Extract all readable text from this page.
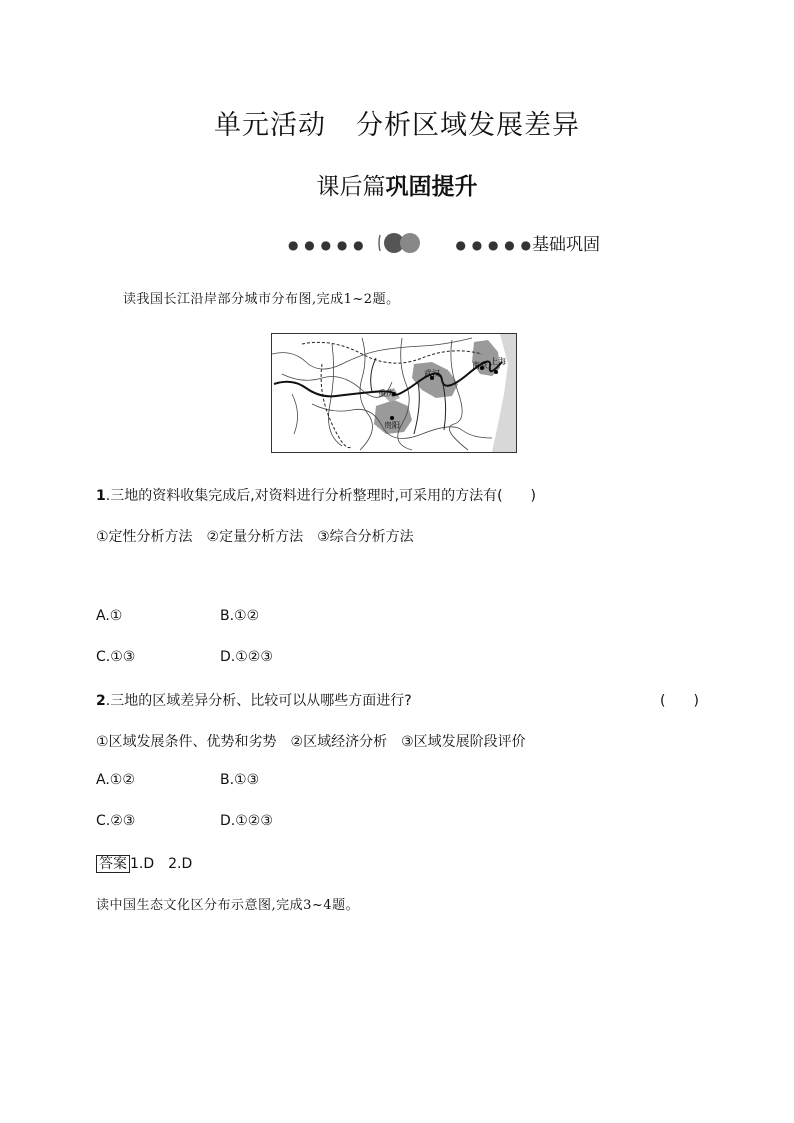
单元活动 分析区域发展差异
课后篇巩固提升
● ● ● ● ●	● ● ● ● ●基础巩固
读我国长江沿岸部分城市分布图,完成1~2题。
重庆
武汉
南京 上海
贵阳
1.三地的资料收集完成后,对资料进行分析整理时,可采用的方法有(　　)
①定性分析方法　②定量分析方法　③综合分析方法
A.①	B.①②
C.①③	D.①②③
2.三地的区域差异分析、比较可以从哪些方面进行?	(　　)
①区域发展条件、优势和劣势　②区域经济分析　③区域发展阶段评价
A.①②	B.①③
C.②③	D.①②③
答案 1.D　2.D
读中国生态文化区分布示意图,完成3~4题。
